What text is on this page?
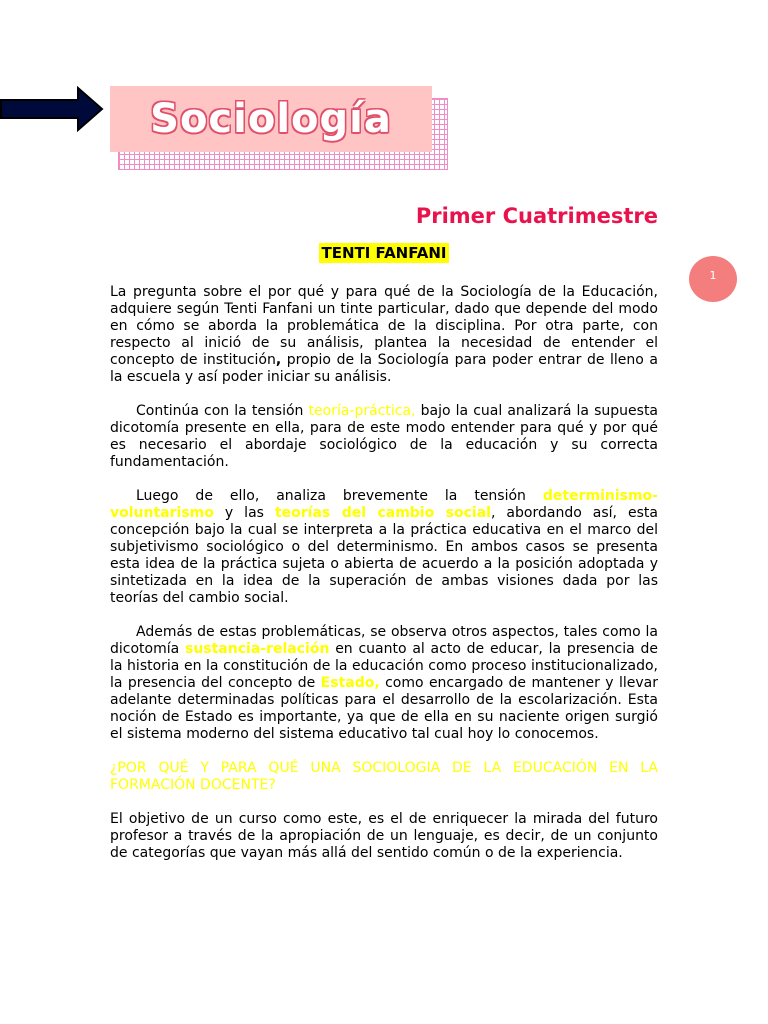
Sociología
Primer Cuatrimestre
TENTI FANFANI
1

La pregunta sobre el por qué y para qué de la Sociología de la Educación, adquiere según Tenti Fanfani un tinte particular, dado que depende del modo en cómo se aborda la problemática de la disciplina. Por otra parte, con respecto al inició de su análisis, plantea la necesidad de entender el concepto de institución, propio de la Sociología para poder entrar de lleno a la escuela y así poder iniciar su análisis.

Continúa con la tensión teoría-práctica, bajo la cual analizará la supuesta dicotomía presente en ella, para de este modo entender para qué y por qué es necesario el abordaje sociológico de la educación y su correcta fundamentación.

Luego de ello, analiza brevemente la tensión determinismo-voluntarismo y las teorías del cambio social, abordando así, esta concepción bajo la cual se interpreta a la práctica educativa en el marco del subjetivismo sociológico o del determinismo. En ambos casos se presenta esta idea de la práctica sujeta o abierta de acuerdo a la posición adoptada y sintetizada en la idea de la superación de ambas visiones dada por las teorías del cambio social.

Además de estas problemáticas, se observa otros aspectos, tales como la dicotomía sustancia-relación en cuanto al acto de educar, la presencia de la historia en la constitución de la educación como proceso institucionalizado, la presencia del concepto de Estado, como encargado de mantener y llevar adelante determinadas políticas para el desarrollo de la escolarización. Esta noción de Estado es importante, ya que de ella en su naciente origen surgió el sistema moderno del sistema educativo tal cual hoy lo conocemos.

¿POR QUÉ Y PARA QUÉ UNA SOCIOLOGIA DE LA EDUCACIÓN EN LA FORMACIÓN DOCENTE?

El objetivo de un curso como este, es el de enriquecer la mirada del futuro profesor a través de la apropiación de un lenguaje, es decir, de un conjunto de categorías que vayan más allá del sentido común o de la experiencia.
